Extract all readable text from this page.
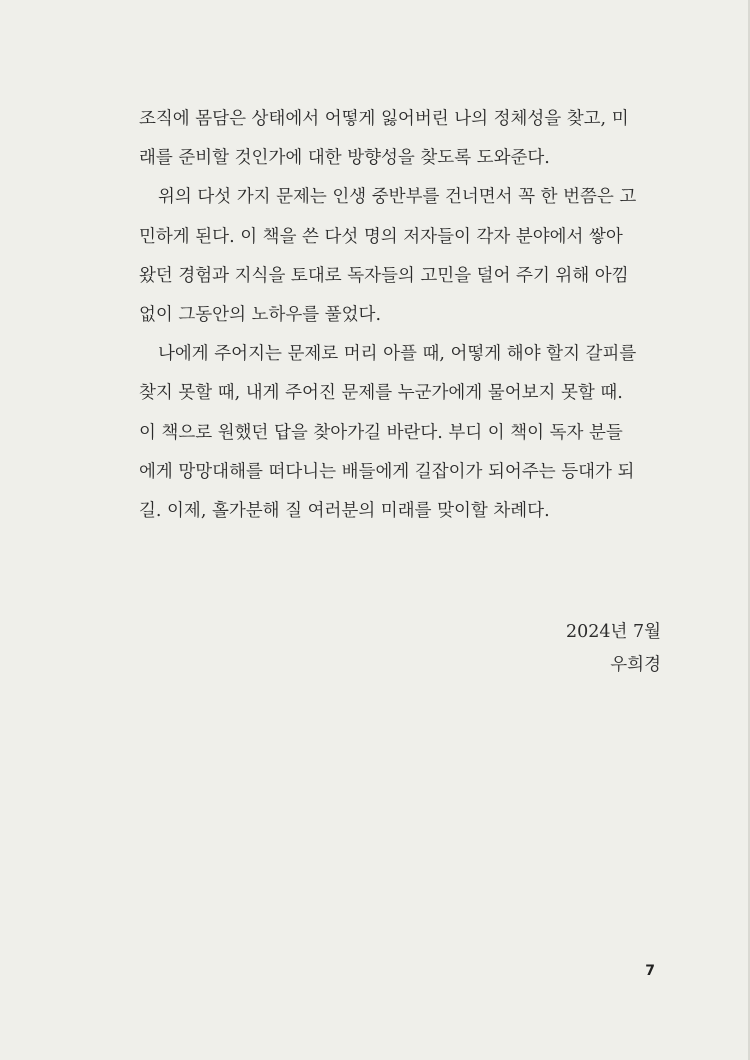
조직에 몸담은 상태에서 어떻게 잃어버린 나의 정체성을 찾고, 미
래를 준비할 것인가에 대한 방향성을 찾도록 도와준다.

위의 다섯 가지 문제는 인생 중반부를 건너면서 꼭 한 번쯤은 고
민하게 된다. 이 책을 쓴 다섯 명의 저자들이 각자 분야에서 쌓아
왔던 경험과 지식을 토대로 독자들의 고민을 덜어 주기 위해 아낌
없이 그동안의 노하우를 풀었다.

나에게 주어지는 문제로 머리 아플 때, 어떻게 해야 할지 갈피를
찾지 못할 때, 내게 주어진 문제를 누군가에게 물어보지 못할 때.
이 책으로 원했던 답을 찾아가길 바란다. 부디 이 책이 독자 분들
에게 망망대해를 떠다니는 배들에게 길잡이가 되어주는 등대가 되
길. 이제, 홀가분해 질 여러분의 미래를 맞이할 차례다.

2024년 7월
우희경
7
